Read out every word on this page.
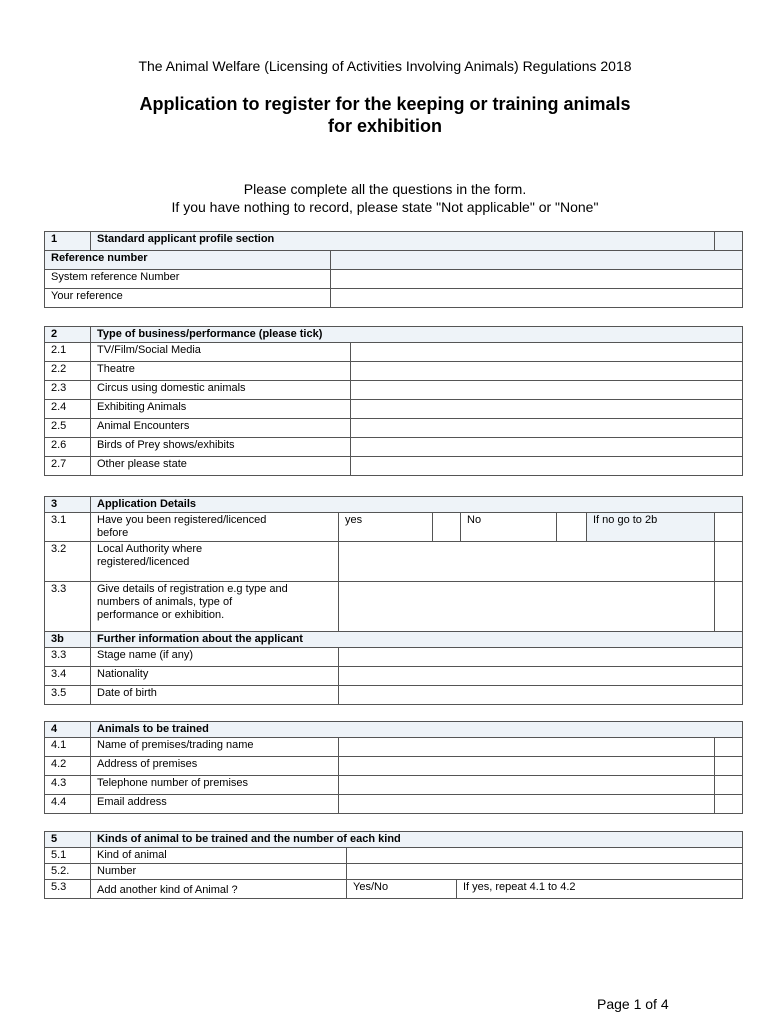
The Animal Welfare (Licensing of Activities Involving Animals) Regulations 2018
Application to register for the keeping or training animals
for exhibition
Please complete all the questions in the form.
If you have nothing to record, please state "Not applicable" or "None"
1	Standard applicant profile section		
Reference number			
System reference Number			
Your reference			
2	Type of business/performance (please tick)	
2.1	TV/Film/Social Media	
2.2	Theatre	
2.3	Circus using domestic animals	
2.4	Exhibiting Animals	
2.5	Animal Encounters	
2.6	Birds of Prey shows/exhibits	
2.7	Other please state	
3	Application Details						
3.1	Have you been registered/licenced
before	yes		No		If no go to 2b	
3.2	Local Authority where
registered/licenced						

3.3	Give details of registration e.g type and
numbers of animals, type of
performance or exhibition.						

3b	Further information about the applicant						
3.3	Stage name (if any)						
3.4	Nationality						
3.5	Date of birth						
4	Animals to be trained		
4.1	Name of premises/trading name		
4.2	Address of premises		
4.3	Telephone number of premises		
4.4	Email address		
5	Kinds of animal to be trained and the number of each kind		
5.1	Kind of animal		
5.2.	Number		
5.3	Add another kind of Animal ?	Yes/No	If yes, repeat 4.1 to 4.2
Page 1 of 4
